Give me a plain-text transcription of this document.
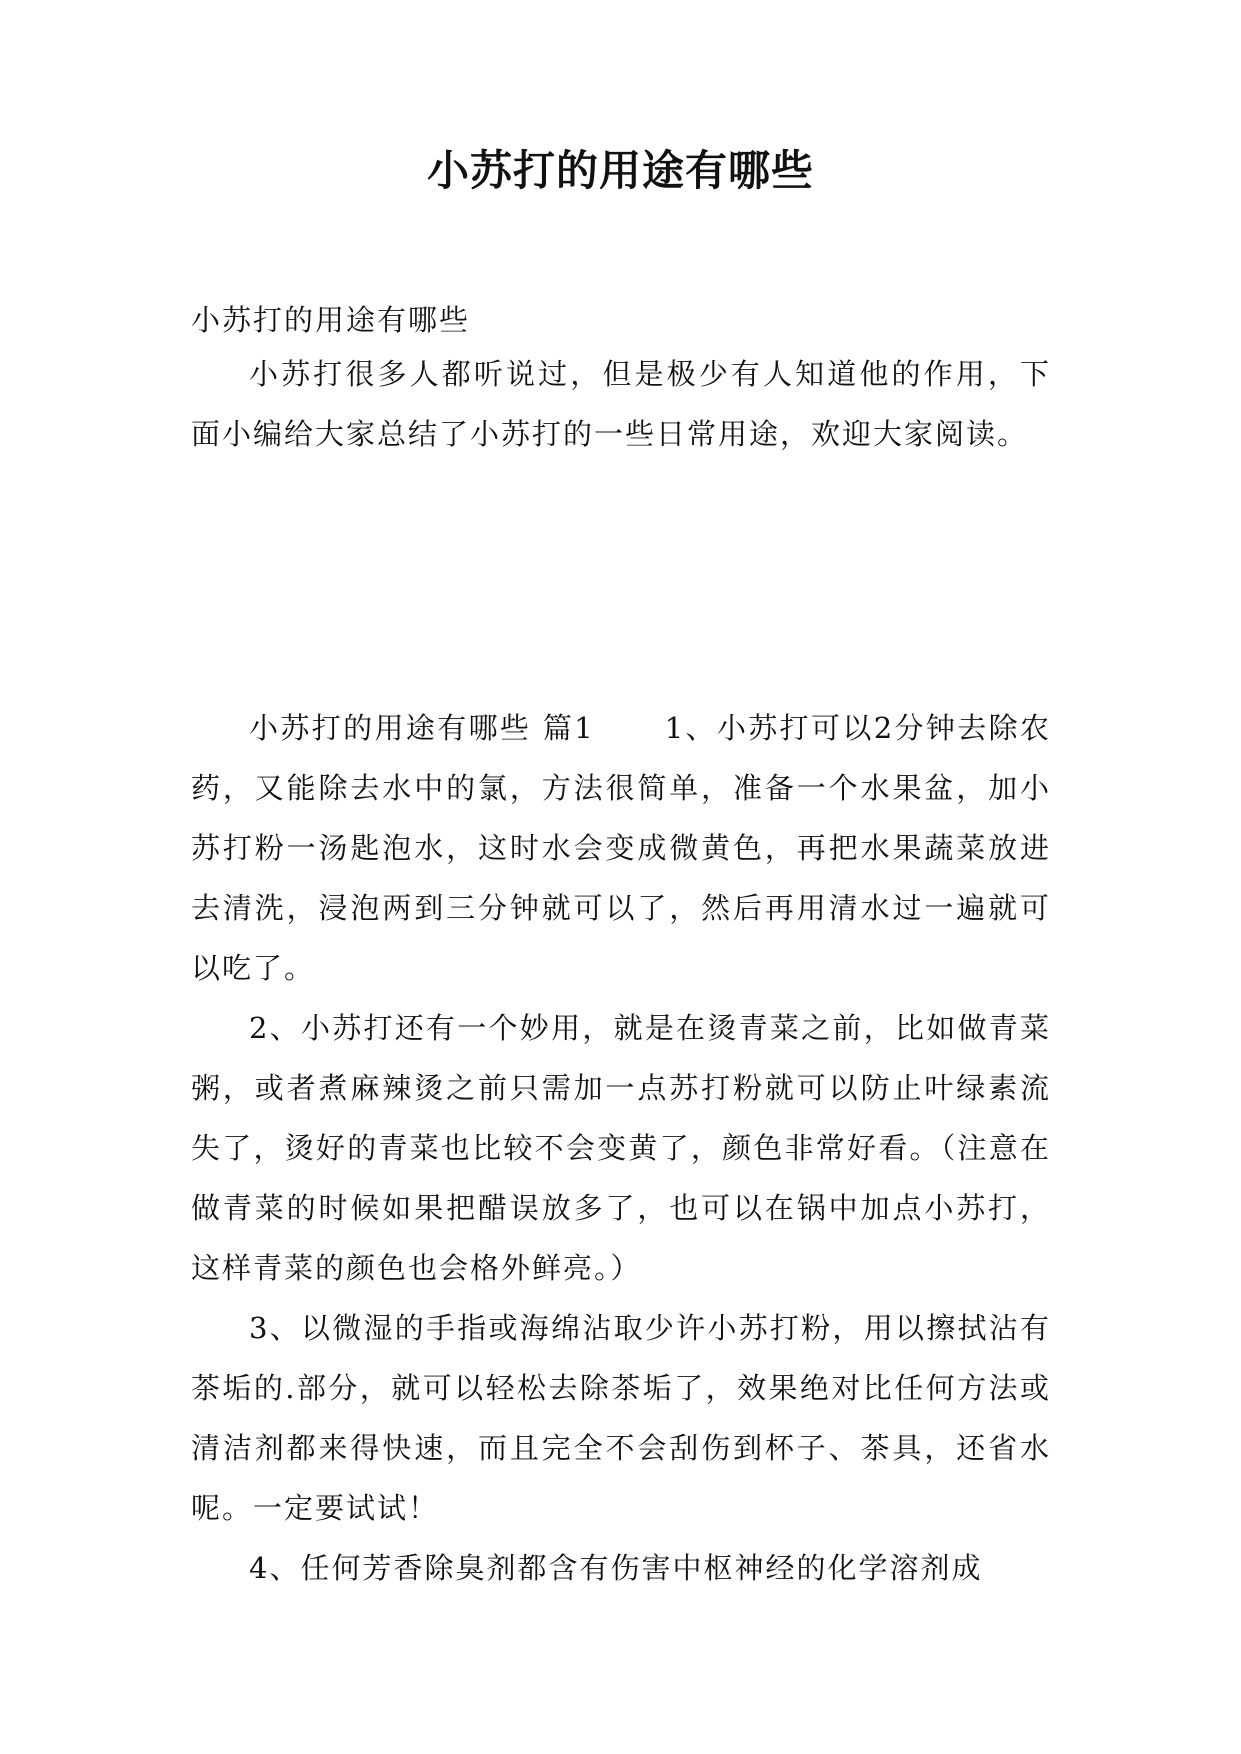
小苏打的用途有哪些
小苏打的用途有哪些

小苏打很多人都听说过，但是极少有人知道他的作用，下面小编给大家总结了小苏打的一些日常用途，欢迎大家阅读。

小苏打的用途有哪些 篇1 1、小苏打可以2分钟去除农药，又能除去水中的氯，方法很简单，准备一个水果盆，加小苏打粉一汤匙泡水，这时水会变成微黄色，再把水果蔬菜放进去清洗，浸泡两到三分钟就可以了，然后再用清水过一遍就可以吃了。

2、小苏打还有一个妙用，就是在烫青菜之前，比如做青菜粥，或者煮麻辣烫之前只需加一点苏打粉就可以防止叶绿素流失了，烫好的青菜也比较不会变黄了，颜色非常好看。（注意在做青菜的时候如果把醋误放多了，也可以在锅中加点小苏打，这样青菜的颜色也会格外鲜亮。）

3、以微湿的手指或海绵沾取少许小苏打粉，用以擦拭沾有茶垢的.部分，就可以轻松去除茶垢了，效果绝对比任何方法或清洁剂都来得快速，而且完全不会刮伤到杯子、茶具，还省水呢。一定要试试！

4、任何芳香除臭剂都含有伤害中枢神经的化学溶剂成
